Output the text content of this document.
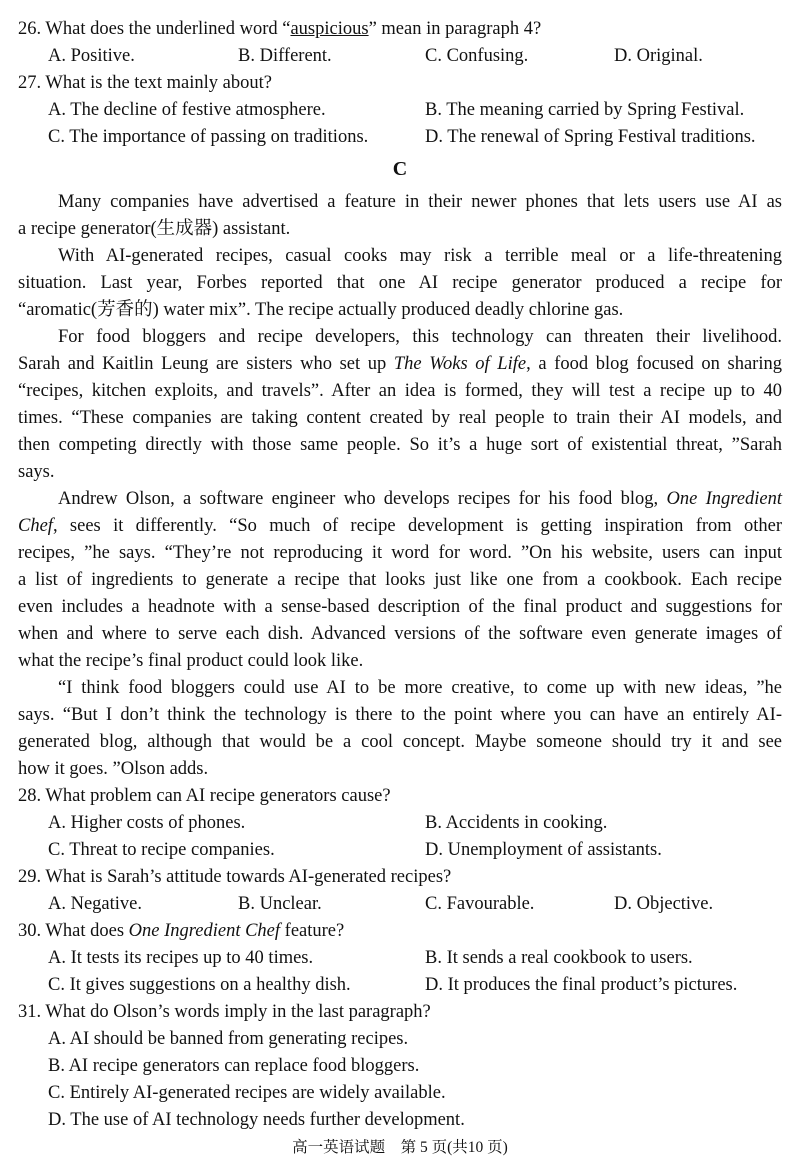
26. What does the underlined word “auspicious” mean in paragraph 4?
A. Positive.	B. Different.	C. Confusing.	D. Original.
27. What is the text mainly about?
A. The decline of festive atmosphere.	B. The meaning carried by Spring Festival.
C. The importance of passing on traditions.	D. The renewal of Spring Festival traditions.
C
Many companies have advertised a feature in their newer phones that lets users use AI as
a recipe generator(生成器) assistant.
With AI-generated recipes, casual cooks may risk a terrible meal or a life-threatening
situation. Last year, Forbes reported that one AI recipe generator produced a recipe for
“aromatic(芳香的) water mix”. The recipe actually produced deadly chlorine gas.
For food bloggers and recipe developers, this technology can threaten their livelihood.
Sarah and Kaitlin Leung are sisters who set up The Woks of Life, a food blog focused on sharing
“recipes, kitchen exploits, and travels”. After an idea is formed, they will test a recipe up to 40
times. “These companies are taking content created by real people to train their AI models, and
then competing directly with those same people. So it’s a huge sort of existential threat, ”Sarah
says.
Andrew Olson, a software engineer who develops recipes for his food blog, One Ingredient
Chef, sees it differently. “So much of recipe development is getting inspiration from other
recipes, ”he says. “They’re not reproducing it word for word. ”On his website, users can input
a list of ingredients to generate a recipe that looks just like one from a cookbook. Each recipe
even includes a headnote with a sense-based description of the final product and suggestions for
when and where to serve each dish. Advanced versions of the software even generate images of
what the recipe’s final product could look like.
“I think food bloggers could use AI to be more creative, to come up with new ideas, ”he
says. “But I don’t think the technology is there to the point where you can have an entirely AI-
generated blog, although that would be a cool concept. Maybe someone should try it and see
how it goes. ”Olson adds.
28. What problem can AI recipe generators cause?
A. Higher costs of phones.	B. Accidents in cooking.
C. Threat to recipe companies.	D. Unemployment of assistants.
29. What is Sarah’s attitude towards AI-generated recipes?
A. Negative.	B. Unclear.	C. Favourable.	D. Objective.
30. What does One Ingredient Chef feature?
A. It tests its recipes up to 40 times.	B. It sends a real cookbook to users.
C. It gives suggestions on a healthy dish.	D. It produces the final product’s pictures.
31. What do Olson’s words imply in the last paragraph?
A. AI should be banned from generating recipes.
B. AI recipe generators can replace food bloggers.
C. Entirely AI-generated recipes are widely available.
D. The use of AI technology needs further development.
高一英语试题　第 5 页(共10 页)
